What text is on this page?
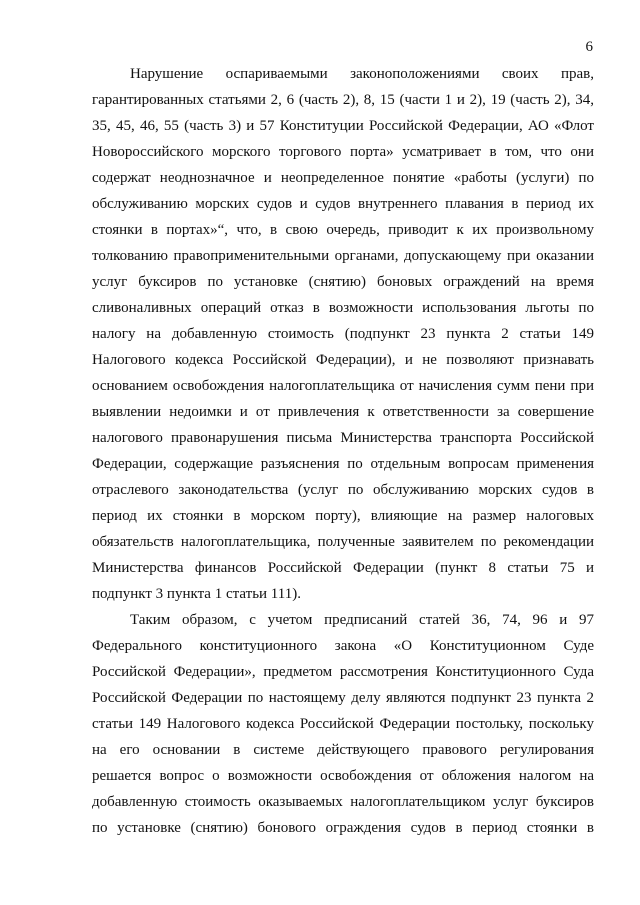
6
Нарушение оспариваемыми законоположениями своих прав,
гарантированных статьями 2, 6 (часть 2), 8, 15 (части 1 и 2), 19 (часть 2), 34,
35, 45, 46, 55 (часть 3) и 57 Конституции Российской Федерации, АО «Флот
Новороссийского морского торгового порта» усматривает в том, что они
содержат неоднозначное и неопределенное понятие «работы (услуги) по
обслуживанию морских судов и судов внутреннего плавания в период их
стоянки в портах»“, что, в свою очередь, приводит к их произвольному
толкованию правоприменительными органами, допускающему при оказании
услуг буксиров по установке (снятию) боновых ограждений на время
сливоналивных операций отказ в возможности использования льготы по
налогу на добавленную стоимость (подпункт 23 пункта 2 статьи 149
Налогового кодекса Российской Федерации), и не позволяют признавать
основанием освобождения налогоплательщика от начисления сумм пени при
выявлении недоимки и от привлечения к ответственности за совершение
налогового правонарушения письма Министерства транспорта Российской
Федерации, содержащие разъяснения по отдельным вопросам применения
отраслевого законодательства (услуг по обслуживанию морских судов в
период их стоянки в морском порту), влияющие на размер налоговых
обязательств налогоплательщика, полученные заявителем по рекомендации
Министерства финансов Российской Федерации (пункт 8 статьи 75 и
подпункт 3 пункта 1 статьи 111).
Таким образом, с учетом предписаний статей 36, 74, 96 и 97
Федерального конституционного закона «О Конституционном Суде
Российской Федерации», предметом рассмотрения Конституционного Суда
Российской Федерации по настоящему делу являются подпункт 23 пункта 2
статьи 149 Налогового кодекса Российской Федерации постольку, поскольку
на его основании в системе действующего правового регулирования
решается вопрос о возможности освобождения от обложения налогом на
добавленную стоимость оказываемых налогоплательщиком услуг буксиров
по установке (снятию) бонового ограждения судов в период стоянки в
